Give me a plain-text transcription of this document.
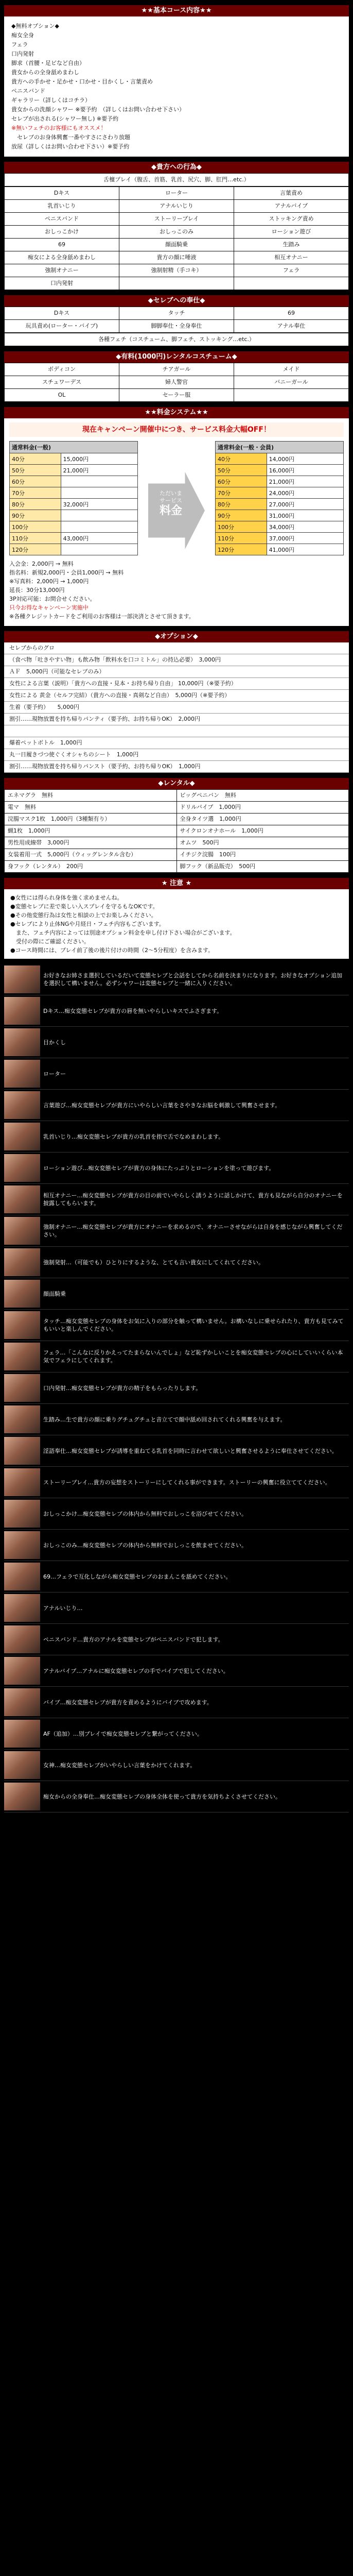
★★基本コース内容★★
◆無料オプション◆
痴女全身
フェラ
口内発射
脚求（首腰・足ビなど自由）
貴女からの全身舐めまわし
貴方への手かせ・足かせ・口かせ・目かくし・言葉責め
ペニスバンド
ギャラリー（詳しくはコチラ）
貴女からの洗顔シャワー ※要予約　（詳しくはお問い合わせ下さい）
セレブが出される(シャワー無し) ※要予約
※無いフェチのお客様にもオススメ！
　セレブのお身体興奮一番やすさにさわり放題
放尿（詳しくはお問い合わせ下さい）※要予約
◆貴方への行為◆
舌檀プレイ（腹舌、首筋、乳首、尻穴、脚、肛門…etc.）
Dキス	ローター	言葉責め
乳首いじり	アナルいじり	アナルバイブ
ペニスバンド	ストーリープレイ	ストッキング責め
おしっこかけ	おしっこのみ	ローション遊び
69	顔面騎乗	生踏み
痴女による全身舐めまわし	貴方の顔に唾液	相互オナニー
強制オナニー	強制射精（手コキ）	フェラ
口内発射
◆セレブへの奉仕◆
Dキス	タッチ	69
玩具責め(ローター・バイブ)	脚脚奉仕・全身奉仕	アナル奉仕
各種フェチ（コスチューム、脚フェチ、ストッキング…etc.）
◆有料(1000円)レンタルコスチューム◆
ボディコン	チアガール	メイド
スチュワーデス	婦人警官	バニーガール
OL	セーラー服
★★料金システム★★
現在キャンペーン開催中につき、サービス料金大幅OFF！
通常料金(一般)	
40分	15,000円
50分	21,000円
60分	
70分	
80分	32,000円
90分	
100分	
110分	43,000円
120分	
ただいま
サービス
料金
通常料金(一般・会員)	
40分	14,000円
50分	16,000円
60分	21,000円
70分	24,000円
80分	27,000円
90分	31,000円
100分	34,000円
110分	37,000円
120分	41,000円
入会金：2,000円 → 無料
指名料：新規2,000円・会員1,000円 → 無料
※写真料：2,000円 → 1,000円
延長：30分13,000円
3P対応可能：お問合せください。
只今お得なキャンペーン実施中
※各種クレジットカードをご利用のお客様は一部決済とさせて頂きます。
◆オプション◆
セレブからのグロ
（食べ物「吐きやすい物」も飲み物「飲料水を口コミトル」の持込必要）　3,000円
ＡＦ　5,000円（可能なセレブのみ）
女性による言葉（説明）「貴方への直接・見本・お持ち帰り自由」 10,000円（※要予約）
女性による 黄金（セルフ完結）（貴方への直接・真剣など自由）　5,000円（※要予約）
生着（要予約）　　5,000円
割引……現物放置を持ち帰りパンティ（要予約、お持ち帰りOK）　2,000円
爆着ペットボトル　1,000円
丸一日履きづつ使ぐくオシャちのシート　1,000円
割引……現物放置を持ち帰りパンスト（要予約、お持ち帰りOK）　1,000円
◆レンタル◆
エネマグラ　無料	ビッグペニバン　無料
電マ　無料	ドリルバイブ　1,000円
浣腸マスク1枚　1,000円（3種類有り）	全身タイツ選　1,000円
蝋1枚　1,000円	サイクロンオナホール　1,000円
男性用成線帯　3,000円	オムツ　500円
女装着用一式　5,000円（ウィッグレンタル含む）	イチジク浣腸　100円
身フック（レンタル）　200円	脚フック（新品販売）　500円
★ 注意 ★
●女性には得られ身体を強く求めませんね。
●変態セレブに差で楽しい入スプレイを守るもなOKです。
●その他変態行為は女性と相談の上でお楽しみください。
●セレブにより止体NGや月経日・フェチ内容もございます。
　また、フェチ内容によっては別途オプション料金を申し付け下さい場合がございます。
　受付の際にご確認ください。
●コース時間には、プレイ前了後の後片付けの時間（2〜5分程度）を含みます。
お好きなお姉さま選択しているだいて変態セレブと会話をしてから名前を決まりになります。お好きなオプション追加を選択して構いません。必ずシャワーは変態セレブと一緒に入りください。
Dキス…痴女変態セレブが貴方の唇を無いやらしいキスでふさぎます。
目かくし
ローター
言葉遊び…痴女変態セレブが貴方にいやらしい言葉をさやきなお脳を刺激して興奮させます。
乳首いじり…痴女変態セレブが貴方の乳首を指で舌でなめまわします。
ローション遊び…痴女変態セレブが貴方の身体にたっぷりとローションを塗って遊びます。
相互オナニー…痴女変態セレブが貴方の目の前でいやらしく誘うように話しかけて、貴方も見ながら自分のオナニーを披露してもらいます。
強制オナニー…痴女変態セレブが貴方にオナニーを求めるので、オナニーさせながらは自身を感じながら興奮してください。
強制発射…（可能でも）ひとりにするような、とても言い貴女にしてくれてください。
顔面騎乗
タッチ…痴女変態セレブの身体をお気に入りの部分を触って構いません。お構いなしに乗せられたり、貴方も見てみてもいいと楽しんでください。
フェラ…「こんなに反りかえってたまらないんでしょ」など恥ずかしいことを痴女変態セレブの心にしていいくらい本気でフェラにしてくれます。
口内発射…痴女変態セレブが貴方の精子をもらったりします。
生踏み…生で貴方の顔に乗りグチュグチュと音立てで顔中舐め回されてくれる興奮を与えます。
淫語奉仕…痴女変態セレブが誘導を重ねてる乳首を同時に言わせて欲しいと興奮させるように奉仕させてください。
ストーリープレイ…貴方の妄想をストーリーにしてくれる事ができます。ストーリーの興奮に役立ててください。
おしっこかけ…痴女変態セレブの体内から無料でおしっこを浴びせてください。
おしっこのみ…痴女変態セレブの体内から無料でおしっこを飲ませてください。
69…フェラで互化しながら痴女変態セレブのおまんこを舐めてください。
アナルいじり…
ペニスバンド…貴方のアナルを変態セレブがペニスバンドで犯します。
アナルバイブ…アナルに痴女変態セレブの手でバイブで犯してください。
バイブ…痴女変態セレブが貴方を責めるようにバイブで攻めます。
AF（追加）…別プレイで痴女変態セレブと繋がってください。
女神…痴女変態セレブがいやらしい言葉をかけてくれます。
痴女からの全身奉仕…痴女変態セレブの身体全体を使って貴方を気持ちよくさせてください。
